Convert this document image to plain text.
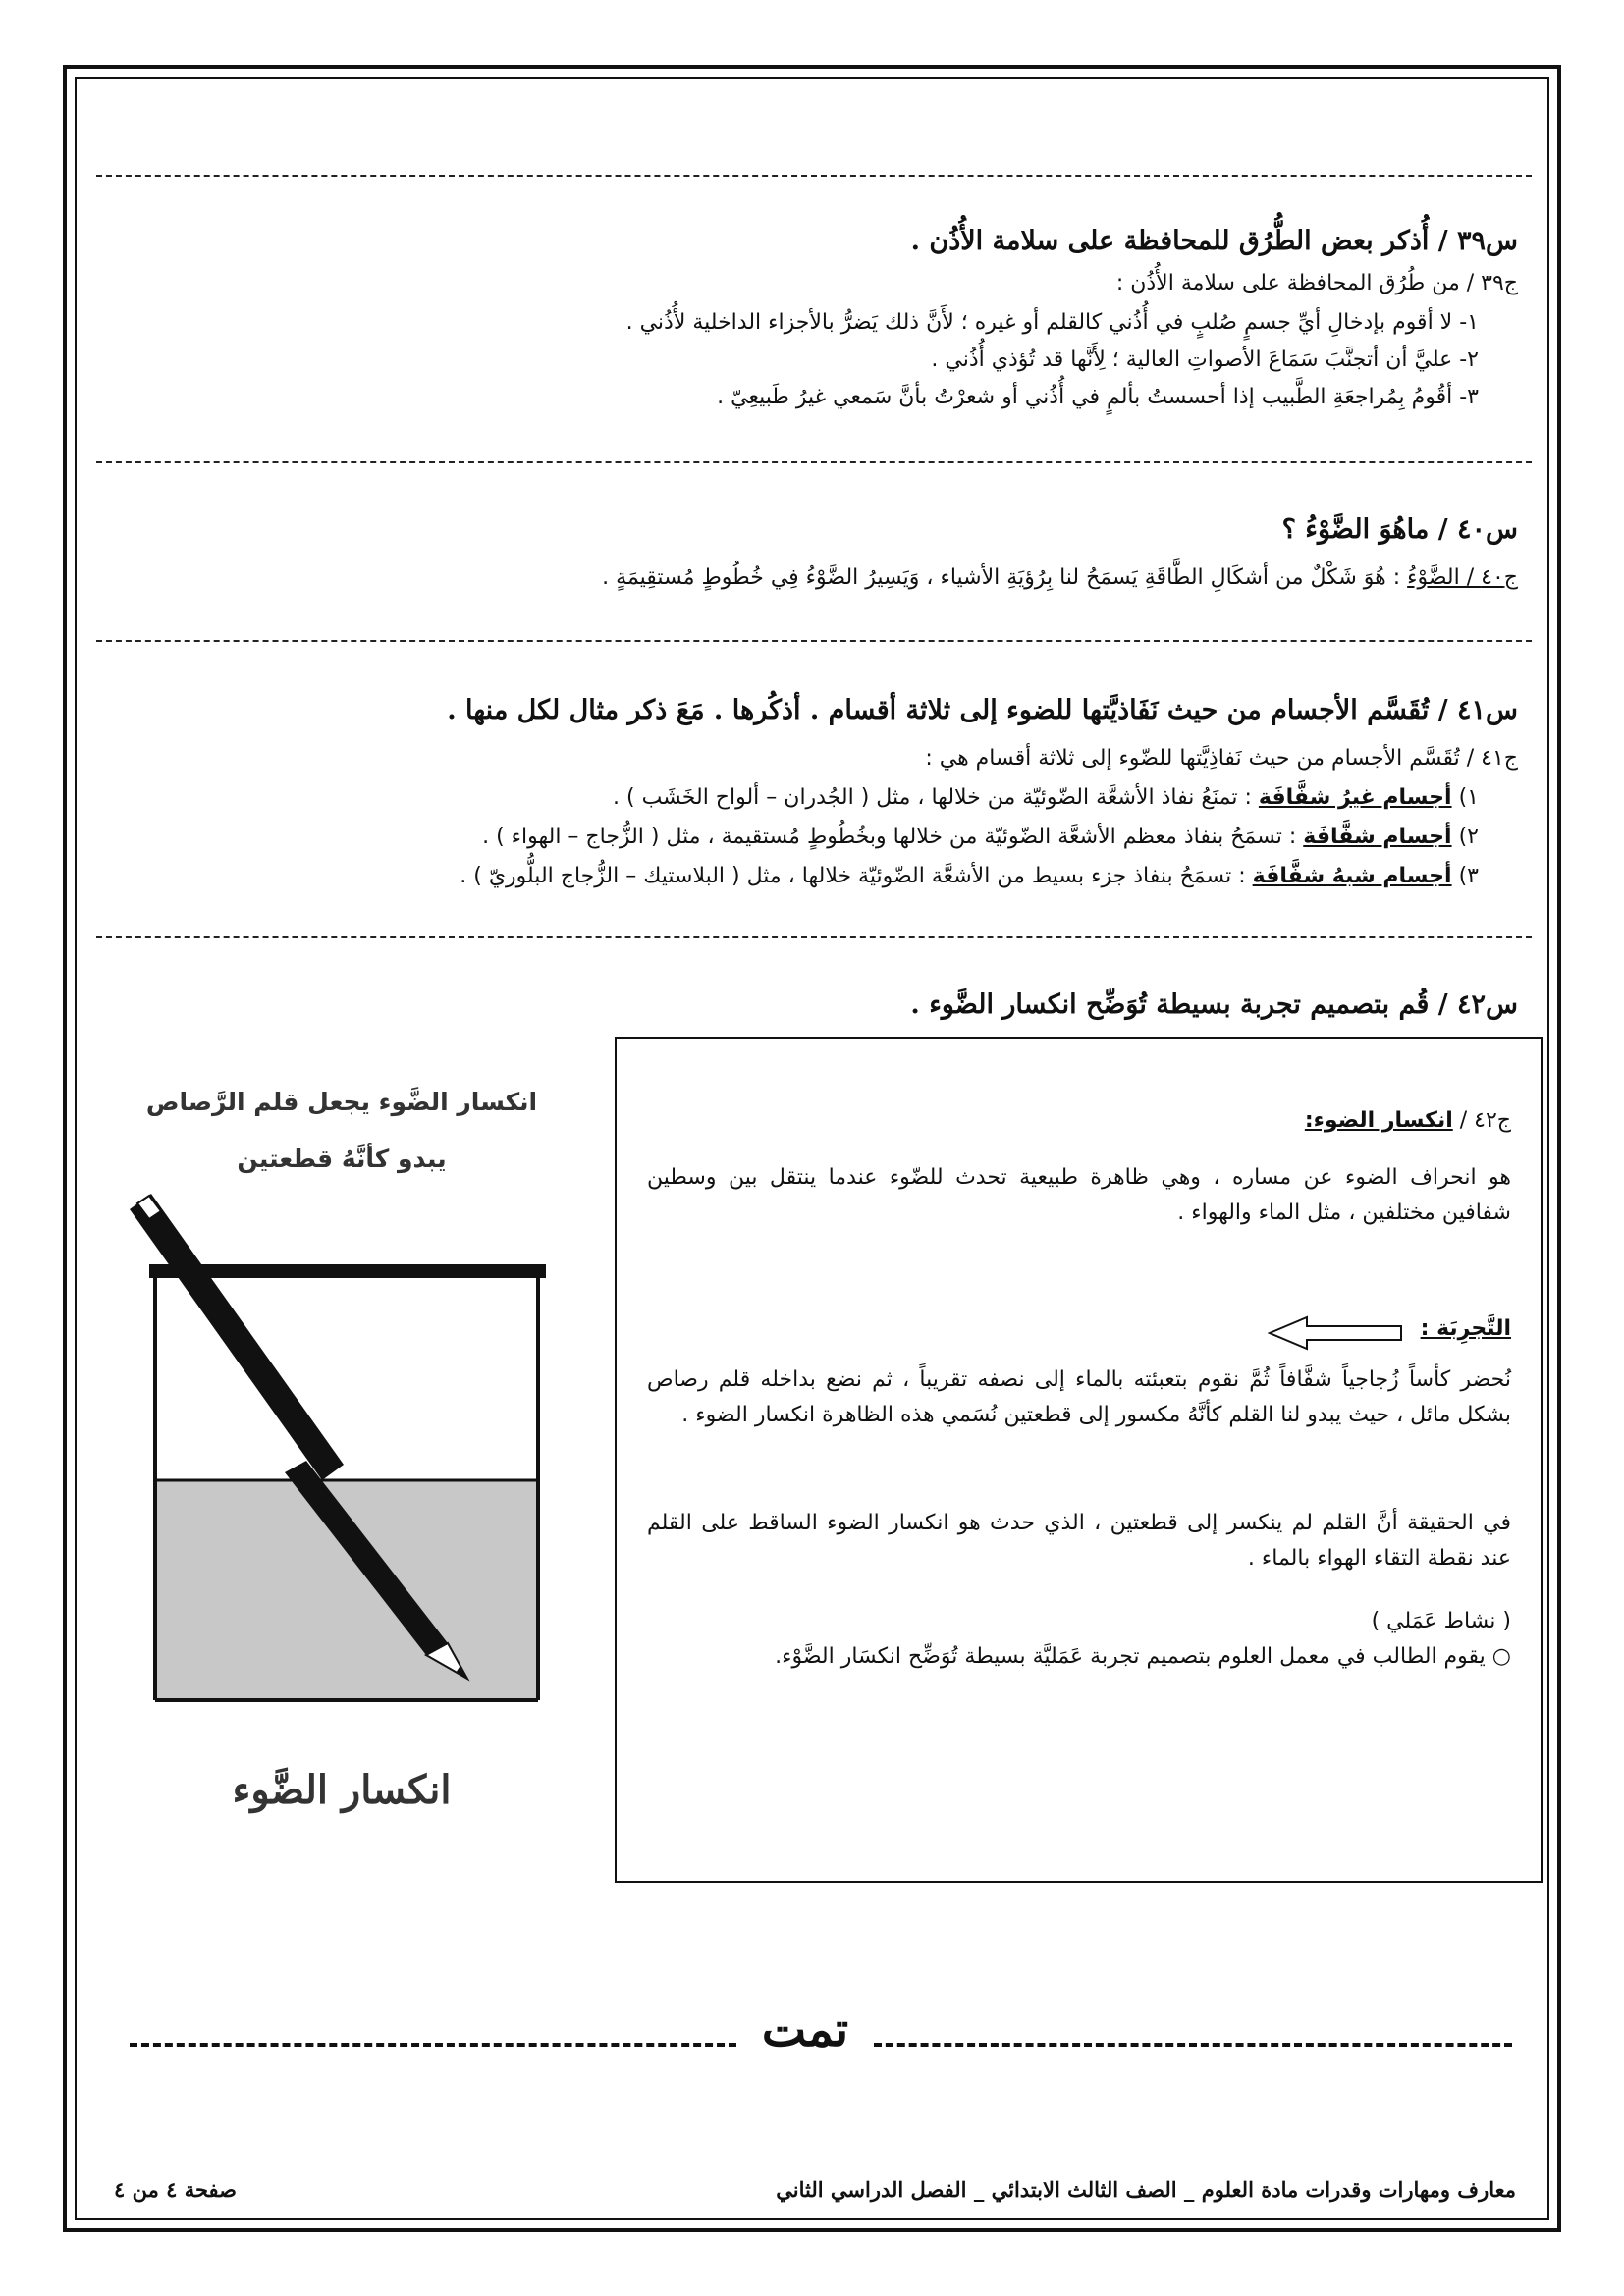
س٣٩ / أُذكر بعض الطُّرُق للمحافظة على سلامة الأُذُن .
ج٣٩ / من طُرُق المحافظة على سلامة الأُذُن :
١- لا أقوم بإدخالِ أيِّ جسمٍ صُلبٍ في أُذُني كالقلم أو غيره ؛ لأَنَّ ذلك يَضرُّ بالأجزاء الداخلية لأُذُني .
٢- عليَّ أن أتجنَّبَ سَمَاعَ الأصواتِ العالية ؛ لِأَنَّها قد تُؤذي أُذُني .
٣- أقُومُ بِمُراجعَةِ الطَّبيب إذا أحسستُ بألمٍ في أُذُني أو شعرْتُ بأنَّ سَمعي غيرُ طَبيعِيّ .
س٤٠ / ماهُوَ الضَّوْءُ ؟
ج٤٠ / الضَّوْءُ : هُوَ شَكْلٌ من أشكَالِ الطَّاقَةِ يَسمَحُ لنا بِرُؤيَةِ الأشياء ، وَيَسِيرُ الضَّوْءُ فِي خُطُوطٍ مُستقِيمَةٍ .
س٤١ / تُقَسَّم الأجسام من حيث نَفَاذيَّتها للضوء إلى ثلاثة أقسام . أذكُرها . مَعَ ذكر مثال لكل منها .
ج٤١ / تُقَسَّم الأجسام من حيث نَفاذِيَّتها للضّوء إلى ثلاثة أقسام هي :
١) أجسام غيرُ شفَّافَة : تمنَعُ نفاذ الأشعَّة الضّوئيّة من خلالها ، مثل ( الجُدران – ألواح الخَشَب ) .
٢) أجسام شفَّافَة : تسمَحُ بنفاذ معظم الأشعَّة الضّوئيّة من خلالها وبخُطُوطٍ مُستقيمة ، مثل ( الزُّجاج – الهواء ) .
٣) أجسام شبهُ شفَّافَة : تسمَحُ بنفاذ جزء بسيط من الأشعَّة الضّوئيّة خلالها ، مثل ( البلاستيك – الزُّجاج البلُّوريّ ) .
س٤٢ / قُم بتصميم تجربة بسيطة تُوَضِّح انكسار الضَّوء .
ج٤٢ / انكسار الضوء:
هو انحراف الضوء عن مساره ، وهي ظاهرة طبيعية تحدث للضّوء عندما ينتقل بين وسطين شفافين مختلفين ، مثل الماء والهواء .
التَّجرِبَة :
نُحضر كأساً زُجاجياً شفَّافاً ثُمَّ نقوم بتعبئته بالماء إلى نصفه تقريباً ، ثم نضع بداخله قلم رصاص بشكل مائل ، حيث يبدو لنا القلم كأنَّهُ مكسور إلى قطعتين نُسَمي هذه الظاهرة انكسار الضوء .
في الحقيقة أنَّ القلم لم ينكسر إلى قطعتين ، الذي حدث هو انكسار الضوء الساقط على القلم عند نقطة التقاء الهواء بالماء .
( نشاط عَمَلي )
○ يقوم الطالب في معمل العلوم بتصميم تجربة عَمَليَّة بسيطة تُوَضِّح انكسَار الضَّوْء.
انكسار الضَّوء يجعل قلم الرَّصاص
يبدو كأنَّهُ قطعتين
انكسار الضَّوء
تمت
معارف ومهارات وقدرات مادة العلوم _ الصف الثالث الابتدائي _ الفصل الدراسي الثاني
صفحة ٤ من ٤
